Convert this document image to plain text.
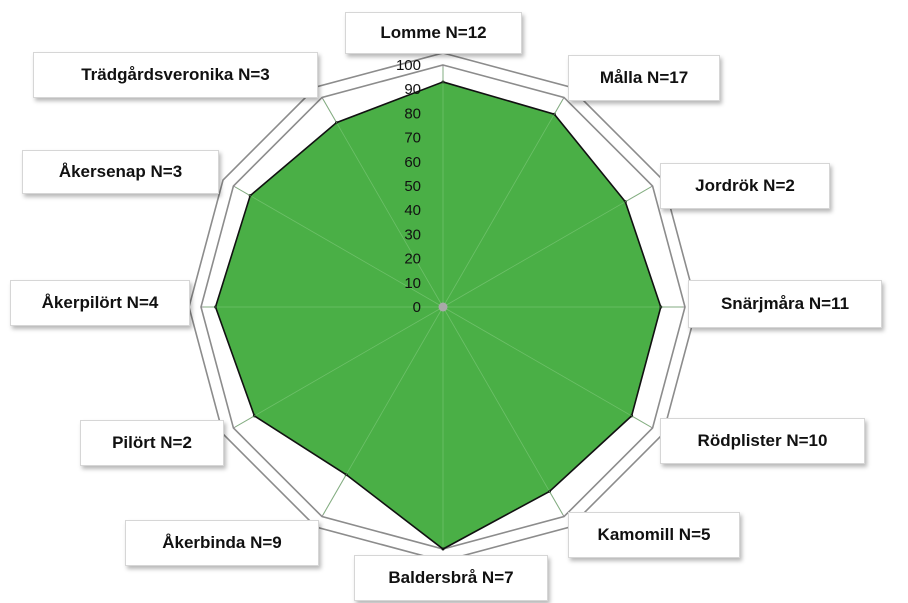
0
10
20
30
40
50
60
70
80
90
100
Lomme N=12
Målla N=17
Jordrök N=2
Snärjmåra N=11
Rödplister N=10
Kamomill N=5
Baldersbrå N=7
Åkerbinda N=9
Pilört N=2
Åkerpilört N=4
Åkersenap N=3
Trädgårdsveronika N=3
